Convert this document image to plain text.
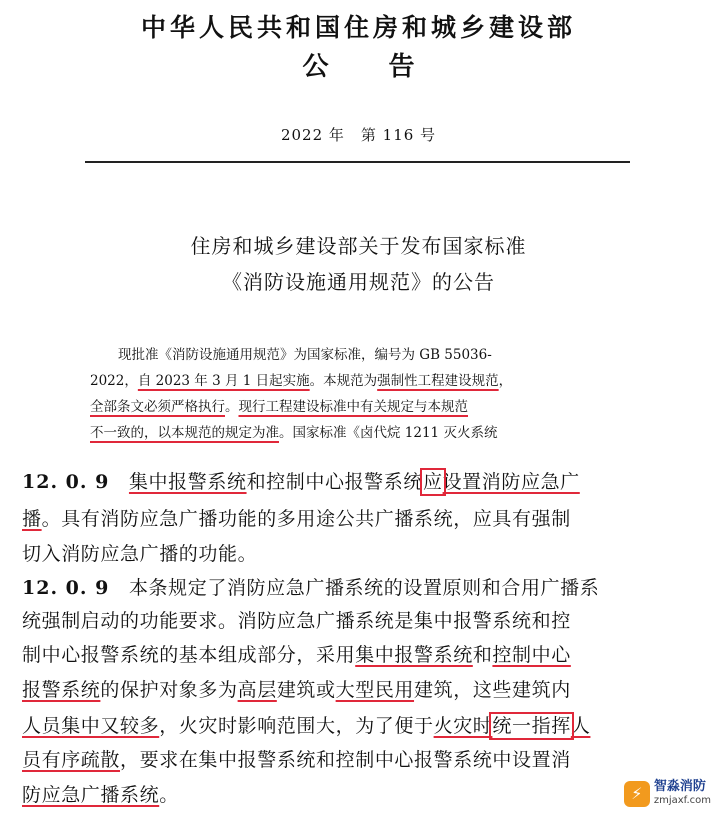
中华人民共和国住房和城乡建设部
公告
2022 年　第 116 号
住房和城乡建设部关于发布国家标准
《消防设施通用规范》的公告
现批准《消防设施通用规范》为国家标准，编号为 GB 55036-
2022，自 2023 年 3 月 1 日起实施。本规范为强制性工程建设规范，
全部条文必须严格执行。现行工程建设标准中有关规定与本规范
不一致的，以本规范的规定为准。国家标准《卤代烷 1211 灭火系统
12. 0. 9　 集中报警系统和控制中心报警系统应设置消防应急广
播。具有消防应急广播功能的多用途公共广播系统，应具有强制
切入消防应急广播的功能。
12. 0. 9　 本条规定了消防应急广播系统的设置原则和合用广播系
统强制启动的功能要求。消防应急广播系统是集中报警系统和控
制中心报警系统的基本组成部分，采用集中报警系统和控制中心
报警系统的保护对象多为高层建筑或大型民用建筑，这些建筑内
人员集中又较多，火灾时影响范围大，为了便于火灾时统一指挥人
员有序疏散，要求在集中报警系统和控制中心报警系统中设置消
防应急广播系统。	⚡ 智淼消防
zmjaxf.com
